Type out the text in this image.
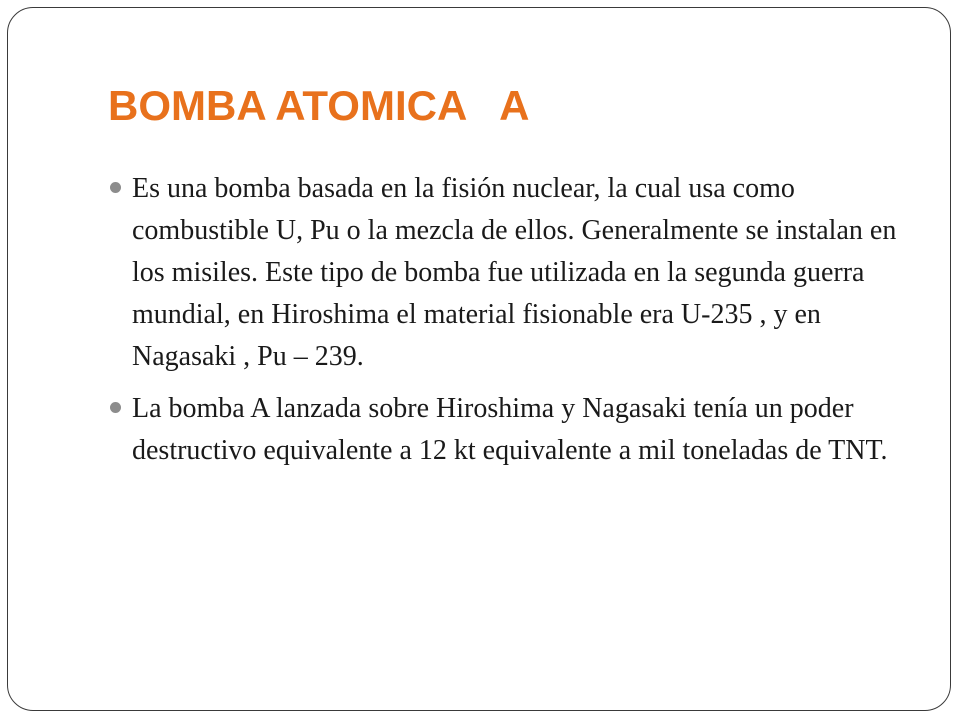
BOMBA ATOMICA   A
Es una bomba basada en la fisión nuclear, la cual usa como combustible U, Pu o la mezcla de ellos. Generalmente se instalan en los misiles. Este tipo de bomba fue utilizada en la segunda guerra mundial, en Hiroshima el material fisionable era U-235 , y en Nagasaki , Pu – 239.
La bomba A lanzada sobre Hiroshima y Nagasaki tenía un poder destructivo equivalente a 12 kt equivalente a mil toneladas de TNT.
